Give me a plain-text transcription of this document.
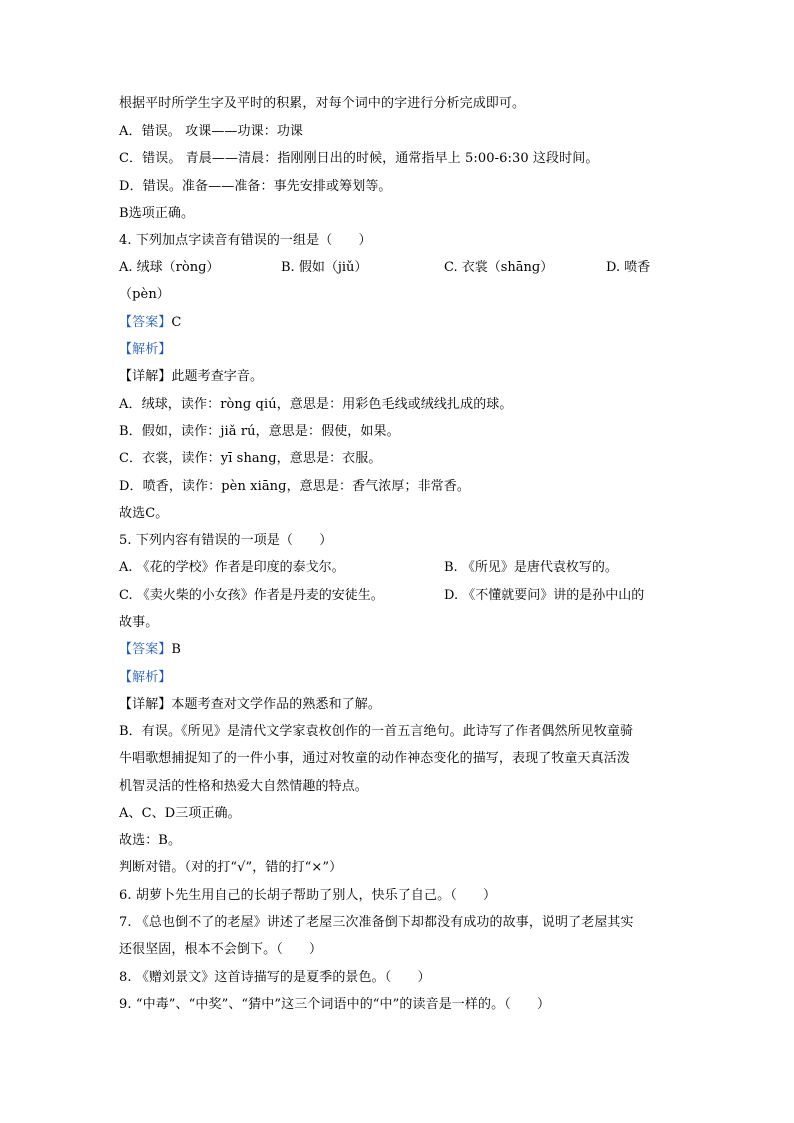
根据平时所学生字及平时的积累，对每个词中的字进行分析完成即可。
A．错误。 攻课——功课：功课
C．错误。 青晨——清晨：指刚刚日出的时候，通常指早上 5:00-6:30 这段时间。
D．错误。准备——准备：事先安排或筹划等。
B选项正确。
4. 下列加点字读音有错误的一组是（　　）
A. 绒球（rònɡ）	B. 假如（jiǔ）	C. 衣裳（shānɡ）	D. 喷香
（pèn）
【答案】C
【解析】
【详解】此题考查字音。
A．绒球，读作：rònɡ qiú，意思是：用彩色毛线或绒线扎成的球。
B．假如，读作：jiǎ rú，意思是：假使，如果。
C．衣裳，读作：yī shanɡ，意思是：衣服。
D．喷香，读作：pèn xiānɡ，意思是：香气浓厚；非常香。
故选C。
5. 下列内容有错误的一项是（　　）
A. 《花的学校》作者是印度的泰戈尔。	B. 《所见》是唐代袁枚写的。
C. 《卖火柴的小女孩》作者是丹麦的安徒生。	D. 《不懂就要问》讲的是孙中山的
故事。
【答案】B
【解析】
【详解】本题考查对文学作品的熟悉和了解。
B．有误。《所见》是清代文学家袁枚创作的一首五言绝句。此诗写了作者偶然所见牧童骑
牛唱歌想捕捉知了的一件小事，通过对牧童的动作神态变化的描写，表现了牧童天真活泼
机智灵活的性格和热爱大自然情趣的特点。
A、C、D三项正确。
故选：B。
判断对错。（对的打“√”，错的打“×”）
6. 胡萝卜先生用自己的长胡子帮助了别人，快乐了自己。（　　）
7. 《总也倒不了的老屋》讲述了老屋三次准备倒下却都没有成功的故事，说明了老屋其实
还很坚固，根本不会倒下。（　　）
8. 《赠刘景文》这首诗描写的是夏季的景色。（　　）
9. “中毒”、“中奖”、“猜中”这三个词语中的“中”的读音是一样的。（　　）
